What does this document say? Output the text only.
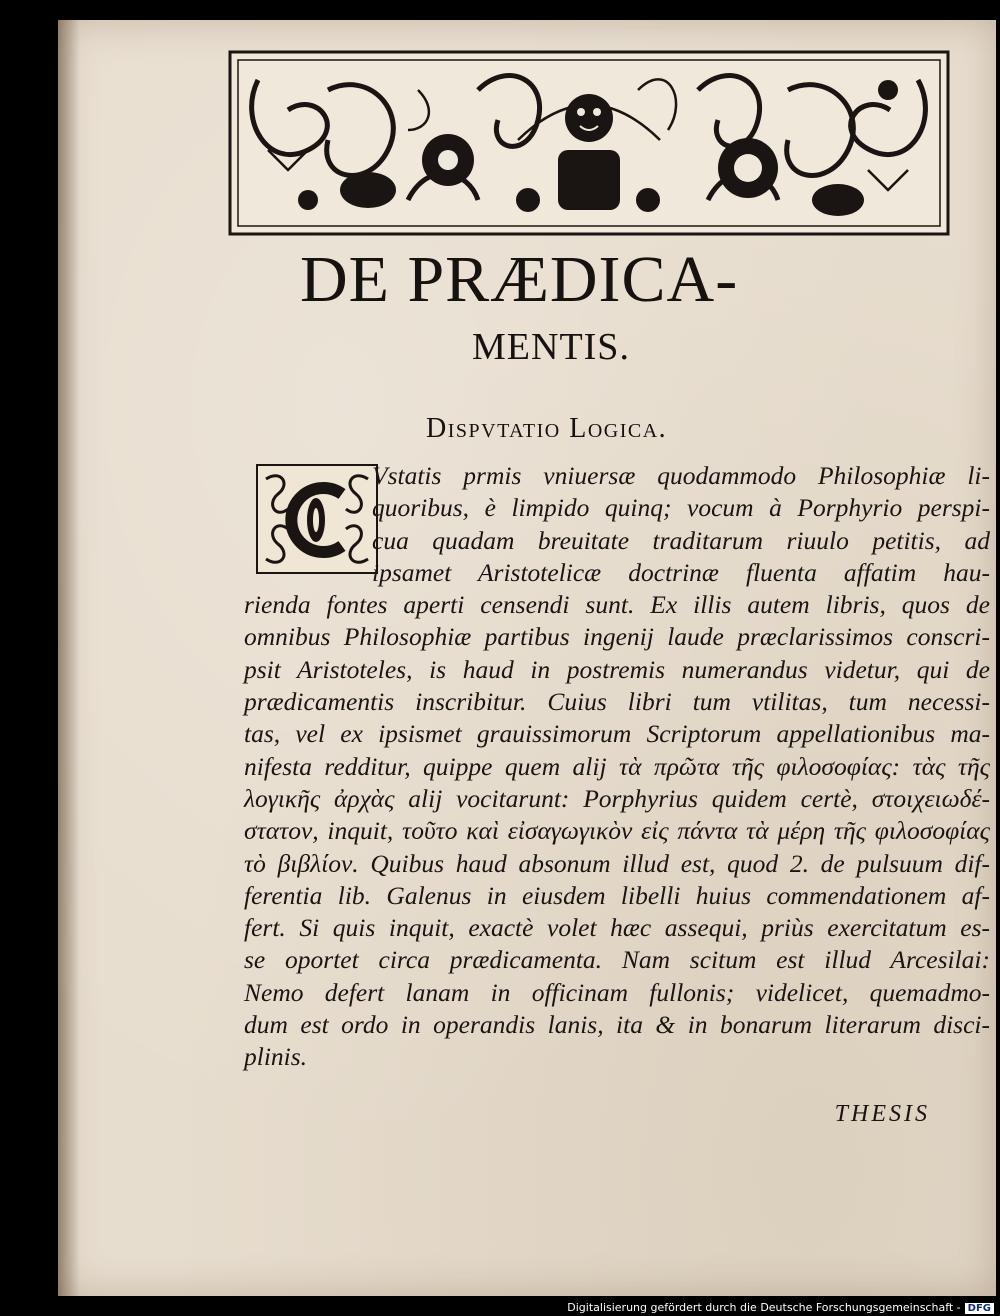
DE PRÆDICA-
MENTIS.
Dispvtatio Logica.
Vstatis prmis vniuersæ quodammodo Philosophiæ li-
quoribus, è limpido quinq; vocum à Porphyrio perspi-
cua quadam breuitate traditarum riuulo petitis, ad
ipsamet Aristotelicæ doctrinæ fluenta affatim hau-
rienda fontes aperti censendi sunt. Ex illis autem libris, quos de
omnibus Philosophiæ partibus ingenij laude præclarissimos conscri-
psit Aristoteles, is haud in postremis numerandus videtur, qui de
prædicamentis inscribitur. Cuius libri tum vtilitas, tum necessi-
tas, vel ex ipsismet grauissimorum Scriptorum appellationibus ma-
nifesta redditur, quippe quem alij τὰ πρῶτα τῆς φιλοσοφίας: τὰς τῆς
λογικῆς ἀρχὰς alij vocitarunt: Porphyrius quidem certè, στοιχειωδέ-
στατον, inquit, τοῦτο καὶ εἰσαγωγικὸν εἰς πάντα τὰ μέρη τῆς φιλοσοφίας
τὸ βιβλίον. Quibus haud absonum illud est, quod 2. de pulsuum dif-
ferentia lib. Galenus in eiusdem libelli huius commendationem af-
fert. Si quis inquit, exactè volet hæc assequi, priùs exercitatum es-
se oportet circa prædicamenta. Nam scitum est illud Arcesilai:
Nemo defert lanam in officinam fullonis; videlicet, quemadmo-
dum est ordo in operandis lanis, ita & in bonarum literarum disci-
plinis.
THESIS
Digitalisierung gefördert durch die Deutsche Forschungsgemeinschaft - DFG
